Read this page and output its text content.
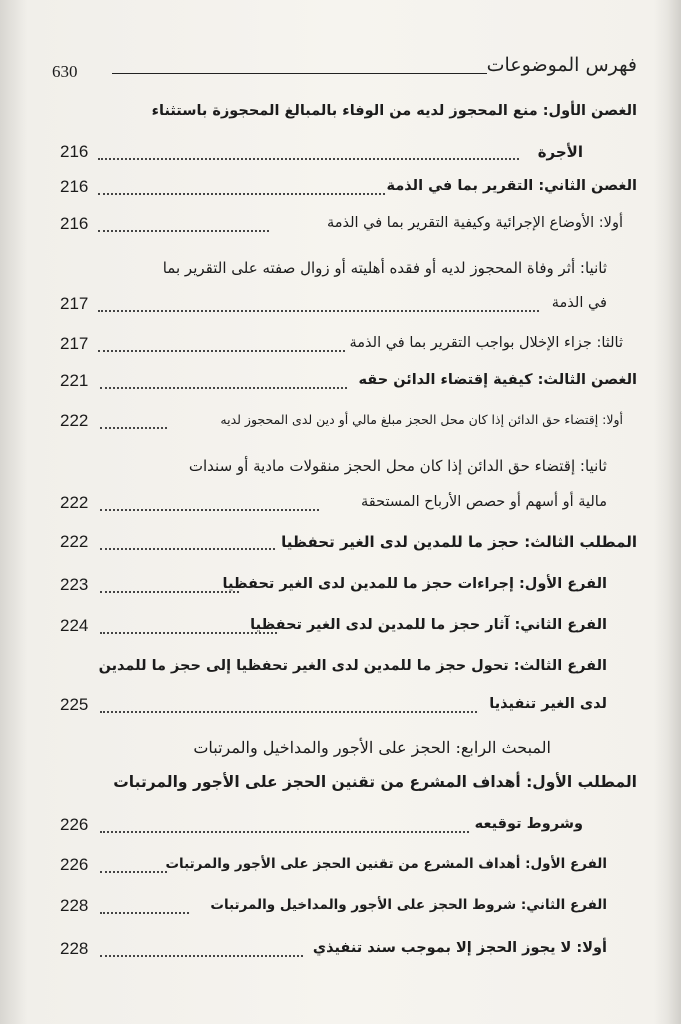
630	فهرس الموضوعات
الغصن الأول: منع المحجوز لديه من الوفاء بالمبالغ المحجوزة باستثناء
الأجرة
216
الغصن الثاني: التقرير بما في الذمة
216
أولا: الأوضاع الإجرائية وكيفية التقرير بما في الذمة
216
ثانيا: أثر وفاة المحجوز لديه أو فقده أهليته أو زوال صفته على التقرير بما
في الذمة
217
ثالثا: جزاء الإخلال بواجب التقرير بما في الذمة
217
الغصن الثالث: كيفية إقتضاء الدائن حقه
221
أولا: إقتضاء حق الدائن إذا كان محل الحجز مبلغ مالي أو دين لدى المحجوز لديه
222
ثانيا: إقتضاء حق الدائن إذا كان محل الحجز منقولات مادية أو سندات
مالية أو أسهم أو حصص الأرباح المستحقة
222
المطلب الثالث: حجز ما للمدين لدى الغير تحفظيا
222
الفرع الأول: إجراءات حجز ما للمدين لدى الغير تحفظيا
223
الفرع الثاني: آثار حجز ما للمدين لدى الغير تحفظيا
224
الفرع الثالث: تحول حجز ما للمدين لدى الغير تحفظيا إلى حجز ما للمدين
لدى الغير تنفيذيا
225
المبحث الرابع: الحجز على الأجور والمداخيل والمرتبات
المطلب الأول: أهداف المشرع من تقنين الحجز على الأجور والمرتبات
وشروط توقيعه
226
الفرع الأول: أهداف المشرع من تقنين الحجز على الأجور والمرتبات
226
الفرع الثاني: شروط الحجز على الأجور والمداخيل والمرتبات
228
أولا: لا يجوز الحجز إلا بموجب سند تنفيذي
228
